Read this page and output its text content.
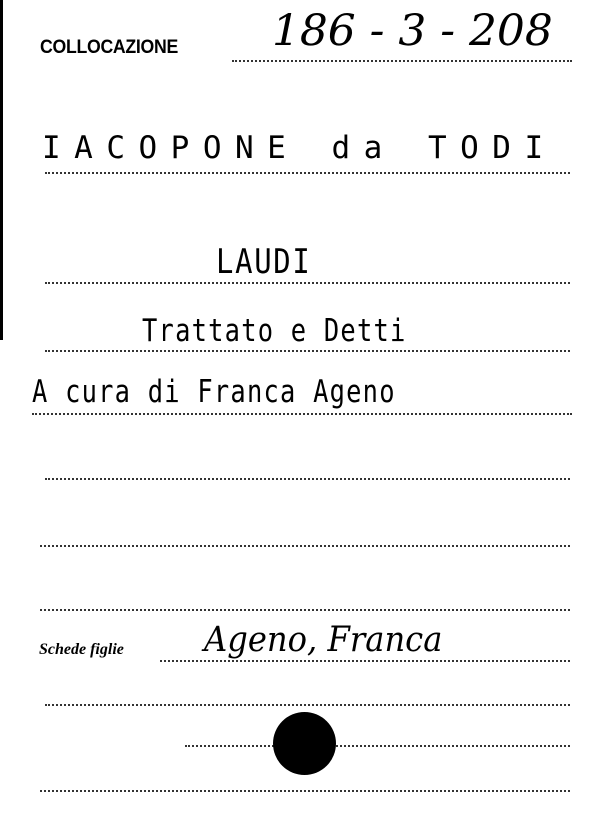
COLLOCAZIONE 186 - 3 - 208
IACOPONE da TODI
LAUDI
Trattato e Detti
A cura di Franca Ageno
Schede figlie Ageno, Franca
